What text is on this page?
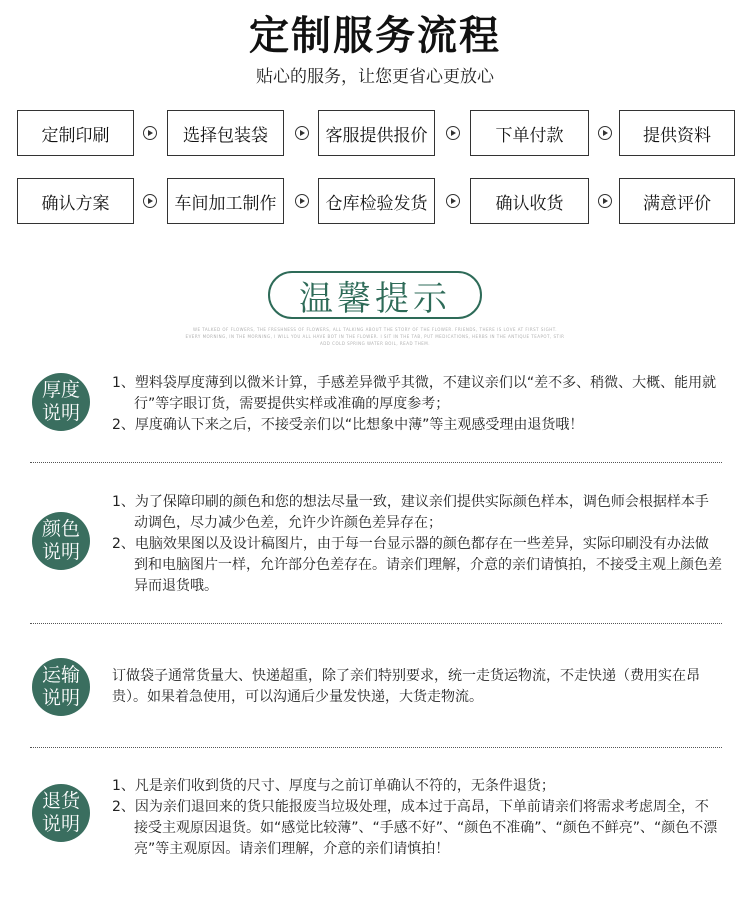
定制服务流程
贴心的服务，让您更省心更放心
定制印刷	选择包装袋	客服提供报价	下单付款	提供资料
确认方案	车间加工制作	仓库检验发货	确认收货	满意评价
温馨提示
WE TALKED OF FLOWERS, THE FRESHNESS OF FLOWERS, ALL TALKING ABOUT THE STORY OF THE FLOWER. FRIENDS, THERE IS LOVE AT FIRST SIGHT.
EVERY MORNING, IN THE MORNING, I WILL YOU ALL HAVE BOT IN THE FLOWER. I SIT IN THE TAB, PUT MEDICATIONS, HERBS IN THE ANTIQUE TEAPOT, STIR
ADD COLD SPRING WATER BOIL, READ THEM.
厚度
说明

1、塑料袋厚度薄到以微米计算，手感差异微乎其微，不建议亲们以“差不多、稍微、大概、能用就行”等字眼订货，需要提供实样或准确的厚度参考；

2、厚度确认下来之后，不接受亲们以“比想象中薄”等主观感受理由退货哦！

颜色
说明

1、为了保障印刷的颜色和您的想法尽量一致，建议亲们提供实际颜色样本，调色师会根据样本手动调色，尽力减少色差，允许少许颜色差异存在；

2、电脑效果图以及设计稿图片，由于每一台显示器的颜色都存在一些差异，实际印刷没有办法做到和电脑图片一样，允许部分色差存在。请亲们理解，介意的亲们请慎拍，不接受主观上颜色差异而退货哦。

运输
说明

订做袋子通常货量大、快递超重，除了亲们特别要求，统一走货运物流，不走快递（费用实在昂贵）。如果着急使用，可以沟通后少量发快递，大货走物流。

退货
说明

1、凡是亲们收到货的尺寸、厚度与之前订单确认不符的，无条件退货；

2、因为亲们退回来的货只能报废当垃圾处理，成本过于高昂，下单前请亲们将需求考虑周全，不接受主观原因退货。如“感觉比较薄”、“手感不好”、“颜色不准确”、“颜色不鲜亮”、“颜色不漂亮”等主观原因。请亲们理解，介意的亲们请慎拍！
